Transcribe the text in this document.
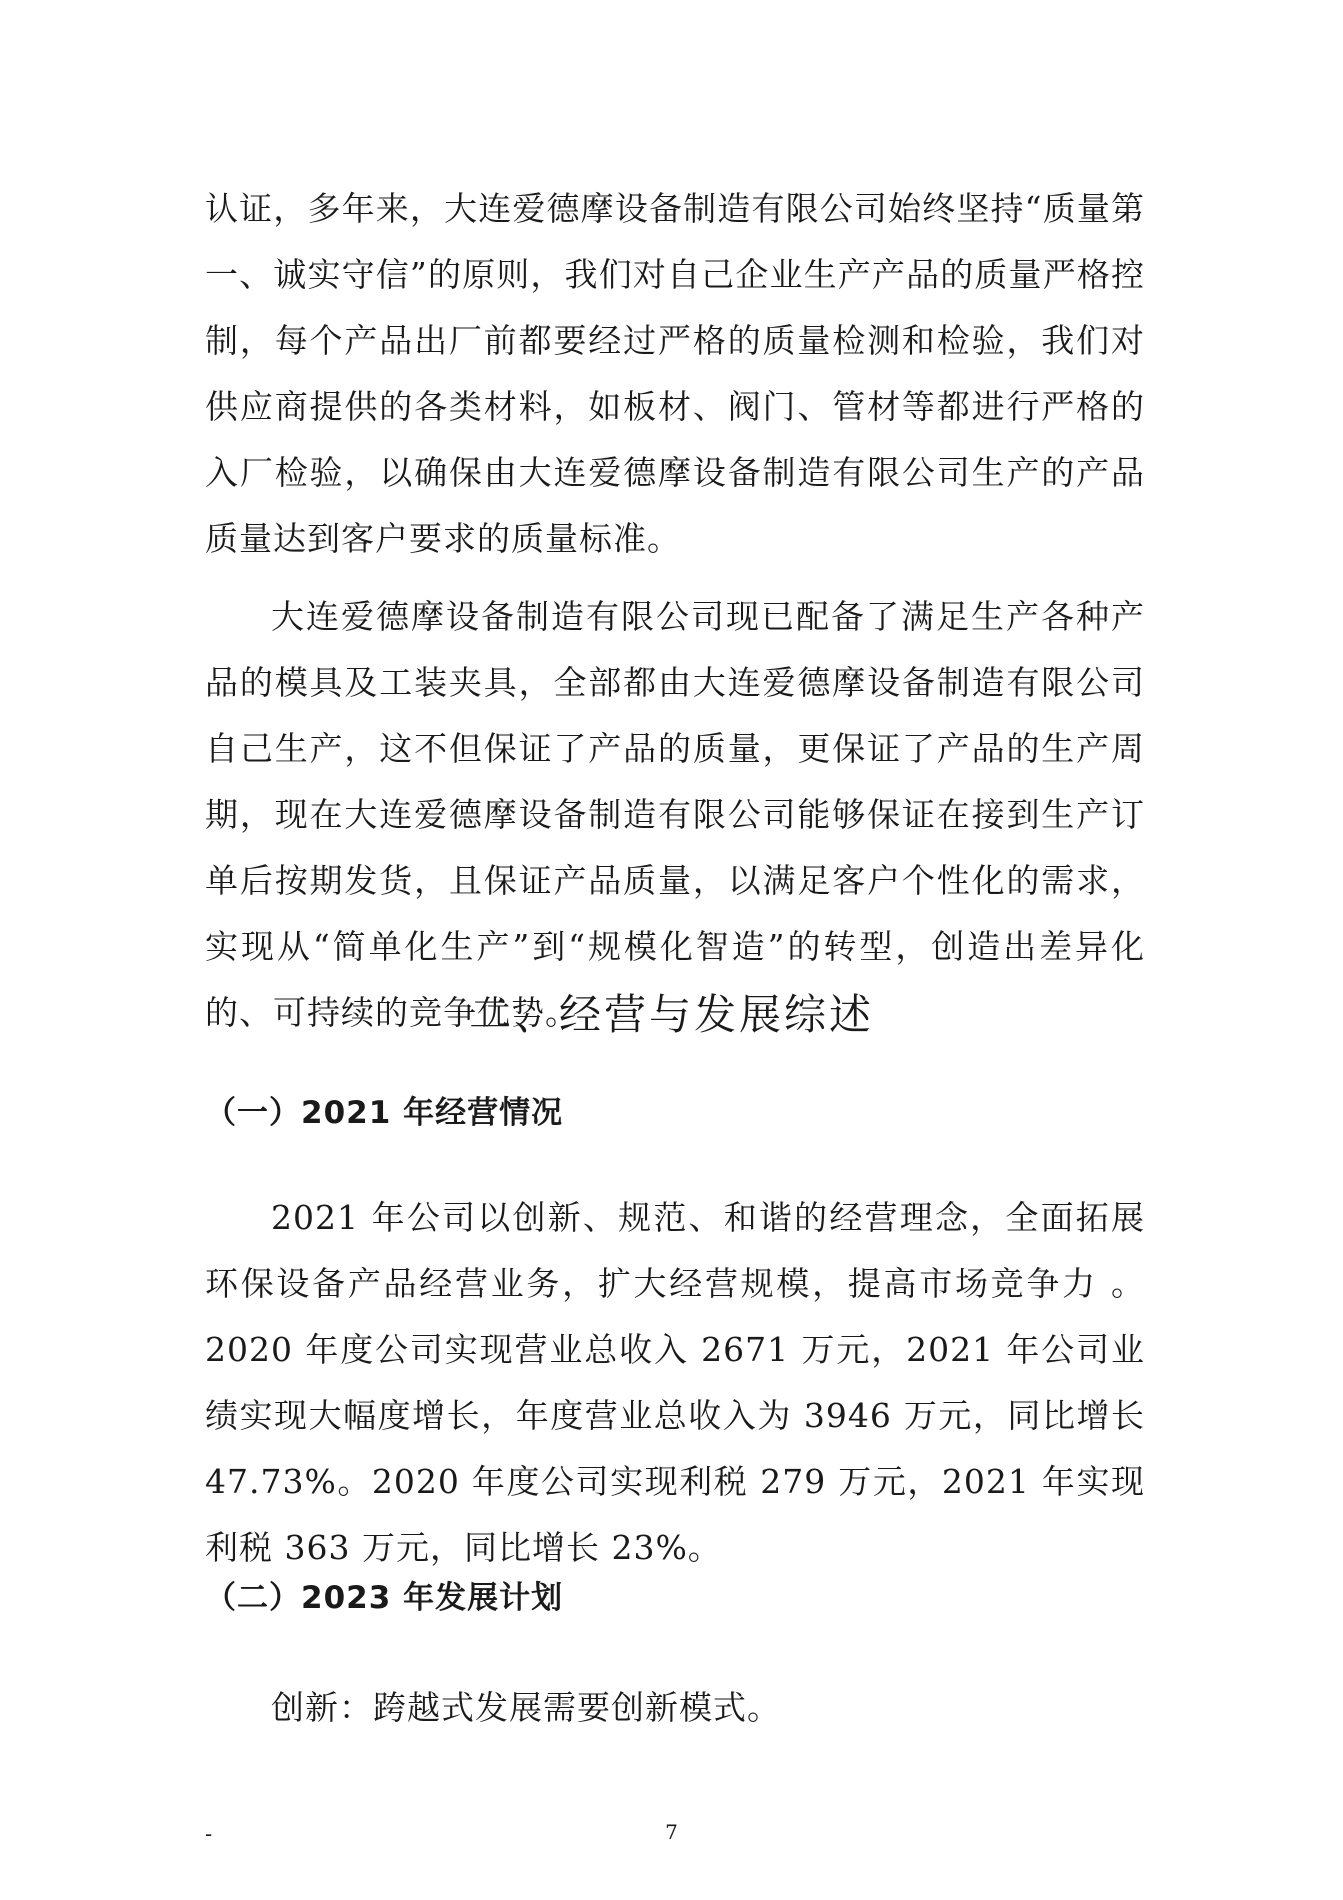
认证，多年来，大连爱德摩设备制造有限公司始终坚持“质量第一、诚实守信”的原则，我们对自己企业生产产品的质量严格控制，每个产品出厂前都要经过严格的质量检测和检验，我们对供应商提供的各类材料，如板材、阀门、管材等都进行严格的入厂检验，以确保由大连爱德摩设备制造有限公司生产的产品质量达到客户要求的质量标准。

大连爱德摩设备制造有限公司现已配备了满足生产各种产品的模具及工装夹具，全部都由大连爱德摩设备制造有限公司自己生产，这不但保证了产品的质量，更保证了产品的生产周期，现在大连爱德摩设备制造有限公司能够保证在接到生产订单后按期发货，且保证产品质量，以满足客户个性化的需求，实现从“简单化生产”到“规模化智造”的转型，创造出差异化的、可持续的竞争优势。

二、经营与发展综述
（一）2021 年经营情况

2021 年公司以创新、规范、和谐的经营理念，全面拓展环保设备产品经营业务，扩大经营规模，提高市场竞争力 。2020 年度公司实现营业总收入 2671 万元，2021 年公司业绩实现大幅度增长，年度营业总收入为 3946 万元，同比增长 47.73%。2020 年度公司实现利税 279 万元，2021 年实现利税 363 万元，同比增长 23%。

（二）2023 年发展计划

创新：跨越式发展需要创新模式。

-	7
